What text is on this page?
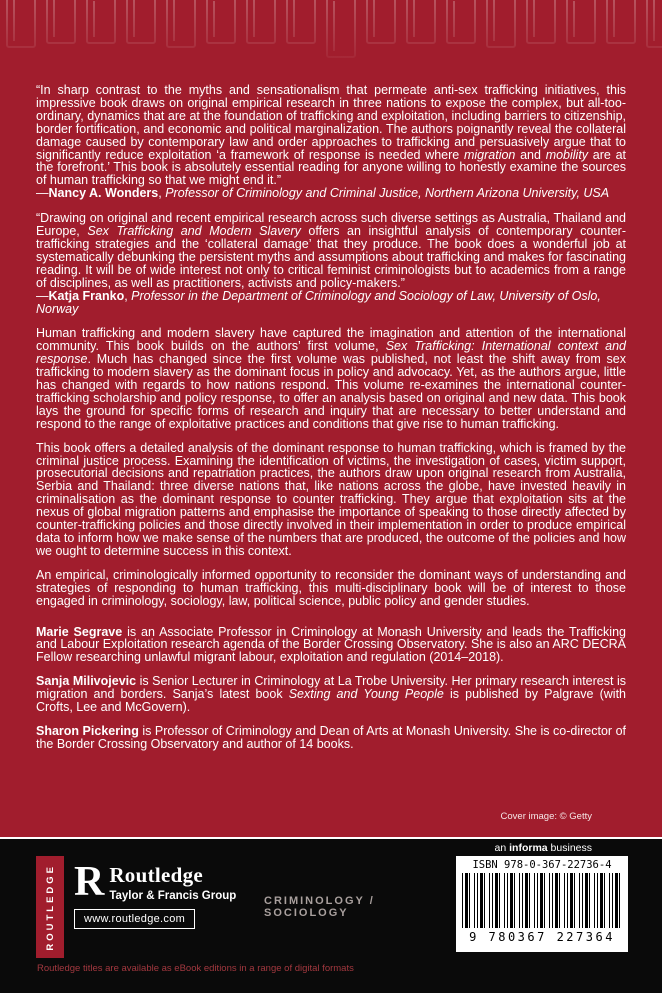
“In sharp contrast to the myths and sensationalism that permeate anti-sex trafficking initiatives, this impressive book draws on original empirical research in three nations to expose the complex, but all-too-ordinary, dynamics that are at the foundation of trafficking and exploitation, including barriers to citizenship, border fortification, and economic and political marginalization. The authors poignantly reveal the collateral damage caused by contemporary law and order approaches to trafficking and persuasively argue that to significantly reduce exploitation ‘a framework of response is needed where migration and mobility are at the forefront.’ This book is absolutely essential reading for anyone willing to honestly examine the sources of human trafficking so that we might end it.”

—Nancy A. Wonders, Professor of Criminology and Criminal Justice, Northern Arizona University, USA

“Drawing on original and recent empirical research across such diverse settings as Australia, Thailand and Europe, Sex Trafficking and Modern Slavery offers an insightful analysis of contemporary counter-trafficking strategies and the ‘collateral damage’ that they produce. The book does a wonderful job at systematically debunking the persistent myths and assumptions about trafficking and makes for fascinating reading. It will be of wide interest not only to critical feminist criminologists but to academics from a range of disciplines, as well as practitioners, activists and policy-makers.”

—Katja Franko, Professor in the Department of Criminology and Sociology of Law, University of Oslo, Norway

Human trafficking and modern slavery have captured the imagination and attention of the international community. This book builds on the authors’ first volume, Sex Trafficking: International context and response. Much has changed since the first volume was published, not least the shift away from sex trafficking to modern slavery as the dominant focus in policy and advocacy. Yet, as the authors argue, little has changed with regards to how nations respond. This volume re-examines the international counter-trafficking scholarship and policy response, to offer an analysis based on original and new data. This book lays the ground for specific forms of research and inquiry that are necessary to better understand and respond to the range of exploitative practices and conditions that give rise to human trafficking.

This book offers a detailed analysis of the dominant response to human trafficking, which is framed by the criminal justice process. Examining the identification of victims, the investigation of cases, victim support, prosecutorial decisions and repatriation practices, the authors draw upon original research from Australia, Serbia and Thailand: three diverse nations that, like nations across the globe, have invested heavily in criminalisation as the dominant response to counter trafficking. They argue that exploitation sits at the nexus of global migration patterns and emphasise the importance of speaking to those directly affected by counter-trafficking policies and those directly involved in their implementation in order to produce empirical data to inform how we make sense of the numbers that are produced, the outcome of the policies and how we ought to determine success in this context.

An empirical, criminologically informed opportunity to reconsider the dominant ways of understanding and strategies of responding to human trafficking, this multi-disciplinary book will be of interest to those engaged in criminology, sociology, law, political science, public policy and gender studies.

Marie Segrave is an Associate Professor in Criminology at Monash University and leads the Trafficking and Labour Exploitation research agenda of the Border Crossing Observatory. She is also an ARC DECRA Fellow researching unlawful migrant labour, exploitation and regulation (2014–2018).

Sanja Milivojevic is Senior Lecturer in Criminology at La Trobe University. Her primary research interest is migration and borders. Sanja’s latest book Sexting and Young People is published by Palgrave (with Crofts, Lee and McGovern).

Sharon Pickering is Professor of Criminology and Dean of Arts at Monash University. She is co-director of the Border Crossing Observatory and author of 14 books.

Cover image: © Getty
an informa business
ROUTLEDGE R Routledge
Taylor & Francis Group
www.routledge.com
CRIMINOLOGY / SOCIOLOGY
ISBN 978-0-367-22736-4
9 780367 227364
Routledge titles are available as eBook editions in a range of digital formats
